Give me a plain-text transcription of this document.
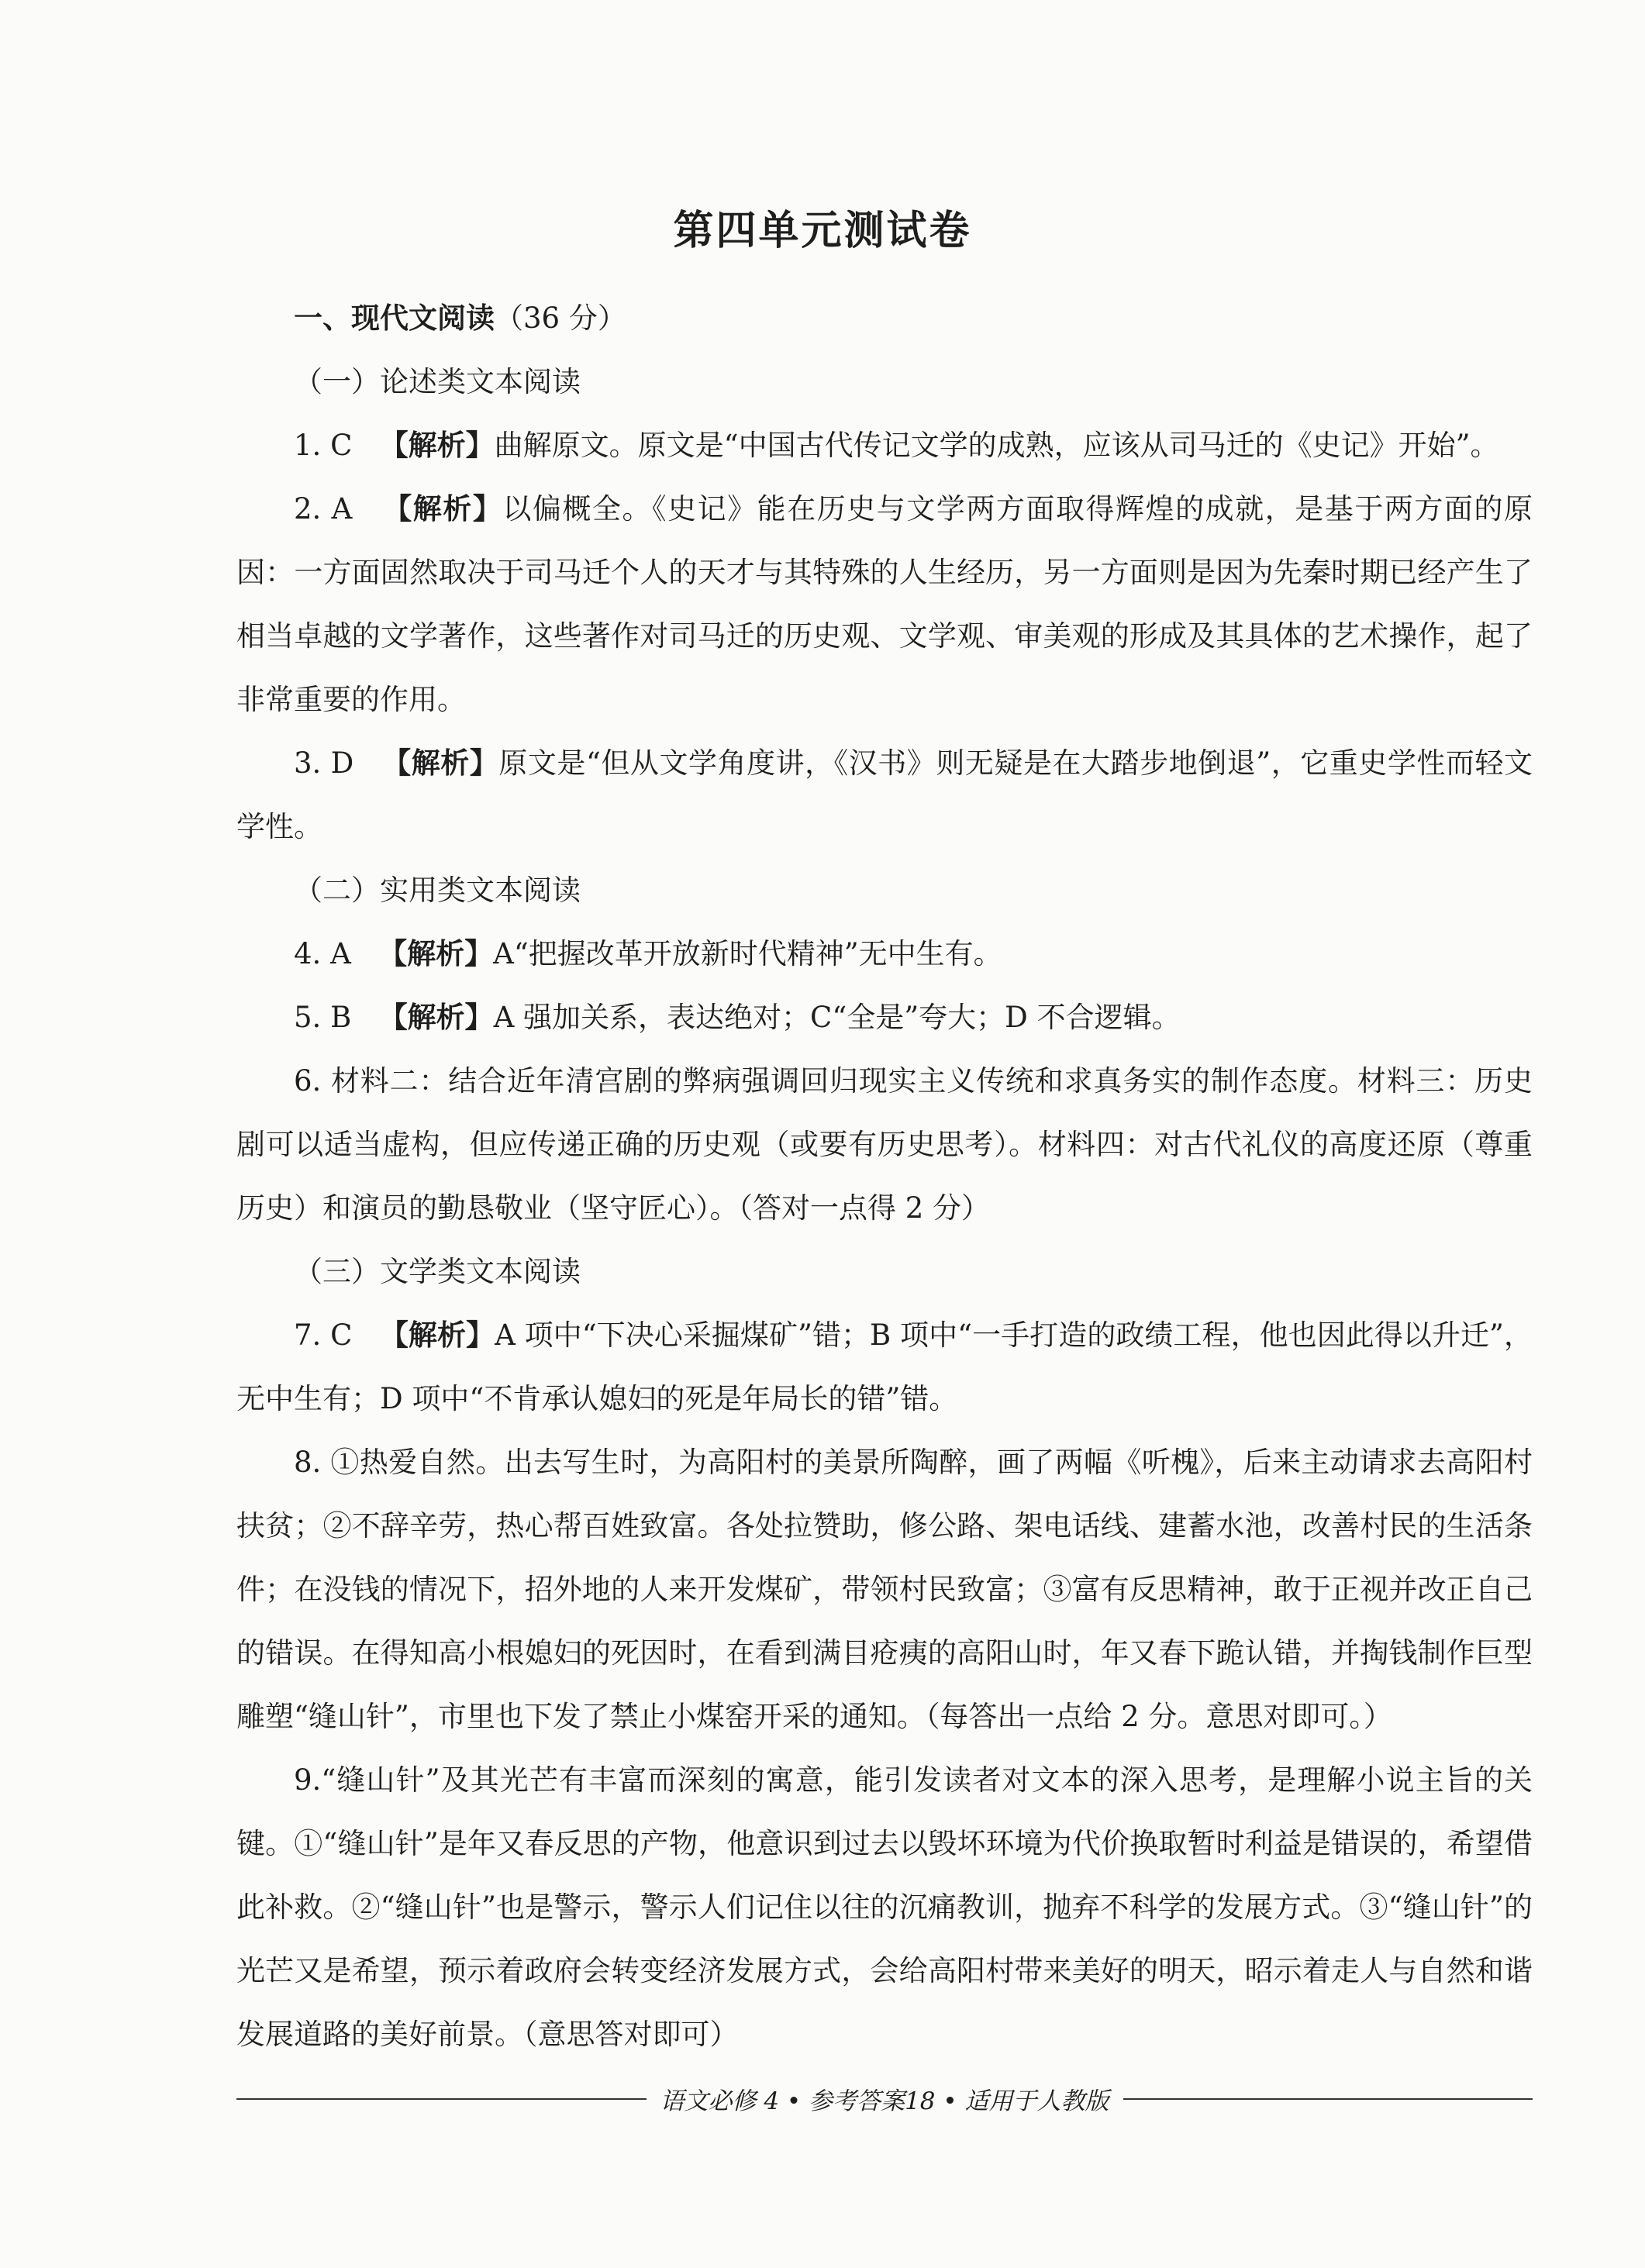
第四单元测试卷

一、现代文阅读（36 分）

（一）论述类文本阅读

1. C 【解析】曲解原文。原文是“中国古代传记文学的成熟，应该从司马迁的《史记》开始”。

2. A 【解析】以偏概全。《史记》能在历史与文学两方面取得辉煌的成就，是基于两方面的原因：一方面固然取决于司马迁个人的天才与其特殊的人生经历，另一方面则是因为先秦时期已经产生了相当卓越的文学著作，这些著作对司马迁的历史观、文学观、审美观的形成及其具体的艺术操作，起了非常重要的作用。

3. D 【解析】原文是“但从文学角度讲，《汉书》则无疑是在大踏步地倒退”，它重史学性而轻文学性。

（二）实用类文本阅读

4. A 【解析】A“把握改革开放新时代精神”无中生有。

5. B 【解析】A 强加关系，表达绝对；C“全是”夸大；D 不合逻辑。

6. 材料二：结合近年清宫剧的弊病强调回归现实主义传统和求真务实的制作态度。材料三：历史剧可以适当虚构，但应传递正确的历史观（或要有历史思考）。材料四：对古代礼仪的高度还原（尊重历史）和演员的勤恳敬业（坚守匠心）。（答对一点得 2 分）

（三）文学类文本阅读

7. C 【解析】A 项中“下决心采掘煤矿”错；B 项中“一手打造的政绩工程，他也因此得以升迁”，无中生有；D 项中“不肯承认媳妇的死是年局长的错”错。

8. ①热爱自然。出去写生时，为高阳村的美景所陶醉，画了两幅《听槐》，后来主动请求去高阳村扶贫；②不辞辛劳，热心帮百姓致富。各处拉赞助，修公路、架电话线、建蓄水池，改善村民的生活条件；在没钱的情况下，招外地的人来开发煤矿，带领村民致富；③富有反思精神，敢于正视并改正自己的错误。在得知高小根媳妇的死因时，在看到满目疮痍的高阳山时，年又春下跪认错，并掏钱制作巨型雕塑“缝山针”，市里也下发了禁止小煤窑开采的通知。（每答出一点给 2 分。意思对即可。）

9.“缝山针”及其光芒有丰富而深刻的寓意，能引发读者对文本的深入思考，是理解小说主旨的关键。①“缝山针”是年又春反思的产物，他意识到过去以毁坏环境为代价换取暂时利益是错误的，希望借此补救。②“缝山针”也是警示，警示人们记住以往的沉痛教训，抛弃不科学的发展方式。③“缝山针”的光芒又是希望，预示着政府会转变经济发展方式，会给高阳村带来美好的明天，昭示着走人与自然和谐发展道路的美好前景。（意思答对即可）

语文必修 4 • 参考答案18 • 适用于人教版
